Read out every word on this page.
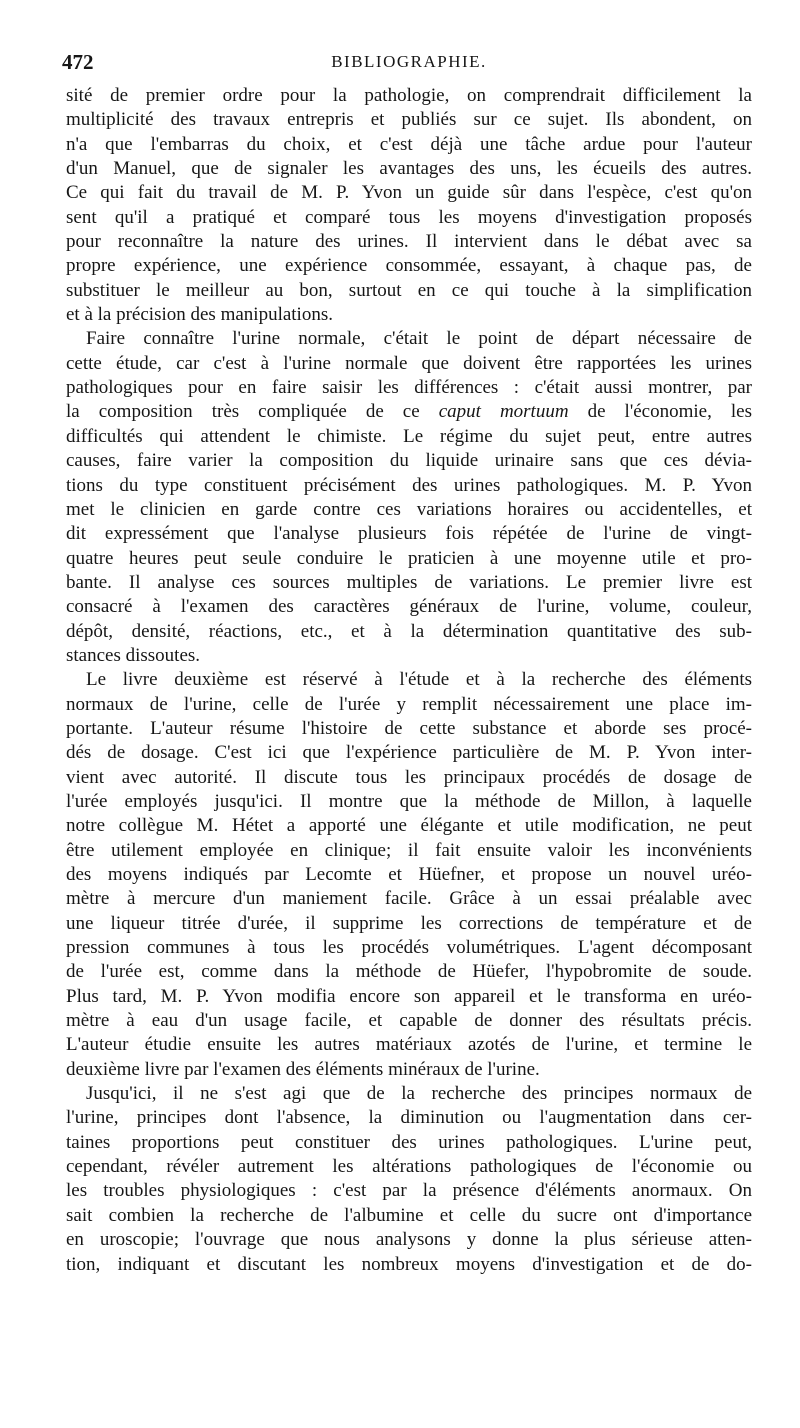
472	BIBLIOGRAPHIE.
sité de premier ordre pour la pathologie, on comprendrait difficilement la
multiplicité des travaux entrepris et publiés sur ce sujet. Ils abondent, on
n'a que l'embarras du choix, et c'est déjà une tâche ardue pour l'auteur
d'un Manuel, que de signaler les avantages des uns, les écueils des autres.
Ce qui fait du travail de M. P. Yvon un guide sûr dans l'espèce, c'est qu'on
sent qu'il a pratiqué et comparé tous les moyens d'investigation proposés
pour reconnaître la nature des urines. Il intervient dans le débat avec sa
propre expérience, une expérience consommée, essayant, à chaque pas, de
substituer le meilleur au bon, surtout en ce qui touche à la simplification
et à la précision des manipulations.
Faire connaître l'urine normale, c'était le point de départ nécessaire de
cette étude, car c'est à l'urine normale que doivent être rapportées les urines
pathologiques pour en faire saisir les différences : c'était aussi montrer, par
la composition très compliquée de ce caput mortuum de l'économie, les
difficultés qui attendent le chimiste. Le régime du sujet peut, entre autres
causes, faire varier la composition du liquide urinaire sans que ces dévia-
tions du type constituent précisément des urines pathologiques. M. P. Yvon
met le clinicien en garde contre ces variations horaires ou accidentelles, et
dit expressément que l'analyse plusieurs fois répétée de l'urine de vingt-
quatre heures peut seule conduire le praticien à une moyenne utile et pro-
bante. Il analyse ces sources multiples de variations. Le premier livre est
consacré à l'examen des caractères généraux de l'urine, volume, couleur,
dépôt, densité, réactions, etc., et à la détermination quantitative des sub-
stances dissoutes.
Le livre deuxième est réservé à l'étude et à la recherche des éléments
normaux de l'urine, celle de l'urée y remplit nécessairement une place im-
portante. L'auteur résume l'histoire de cette substance et aborde ses procé-
dés de dosage. C'est ici que l'expérience particulière de M. P. Yvon inter-
vient avec autorité. Il discute tous les principaux procédés de dosage de
l'urée employés jusqu'ici. Il montre que la méthode de Millon, à laquelle
notre collègue M. Hétet a apporté une élégante et utile modification, ne peut
être utilement employée en clinique; il fait ensuite valoir les inconvénients
des moyens indiqués par Lecomte et Hüefner, et propose un nouvel uréo-
mètre à mercure d'un maniement facile. Grâce à un essai préalable avec
une liqueur titrée d'urée, il supprime les corrections de température et de
pression communes à tous les procédés volumétriques. L'agent décomposant
de l'urée est, comme dans la méthode de Hüefer, l'hypobromite de soude.
Plus tard, M. P. Yvon modifia encore son appareil et le transforma en uréo-
mètre à eau d'un usage facile, et capable de donner des résultats précis.
L'auteur étudie ensuite les autres matériaux azotés de l'urine, et termine le
deuxième livre par l'examen des éléments minéraux de l'urine.
Jusqu'ici, il ne s'est agi que de la recherche des principes normaux de
l'urine, principes dont l'absence, la diminution ou l'augmentation dans cer-
taines proportions peut constituer des urines pathologiques. L'urine peut,
cependant, révéler autrement les altérations pathologiques de l'économie ou
les troubles physiologiques : c'est par la présence d'éléments anormaux. On
sait combien la recherche de l'albumine et celle du sucre ont d'importance
en uroscopie; l'ouvrage que nous analysons y donne la plus sérieuse atten-
tion, indiquant et discutant les nombreux moyens d'investigation et de do-
